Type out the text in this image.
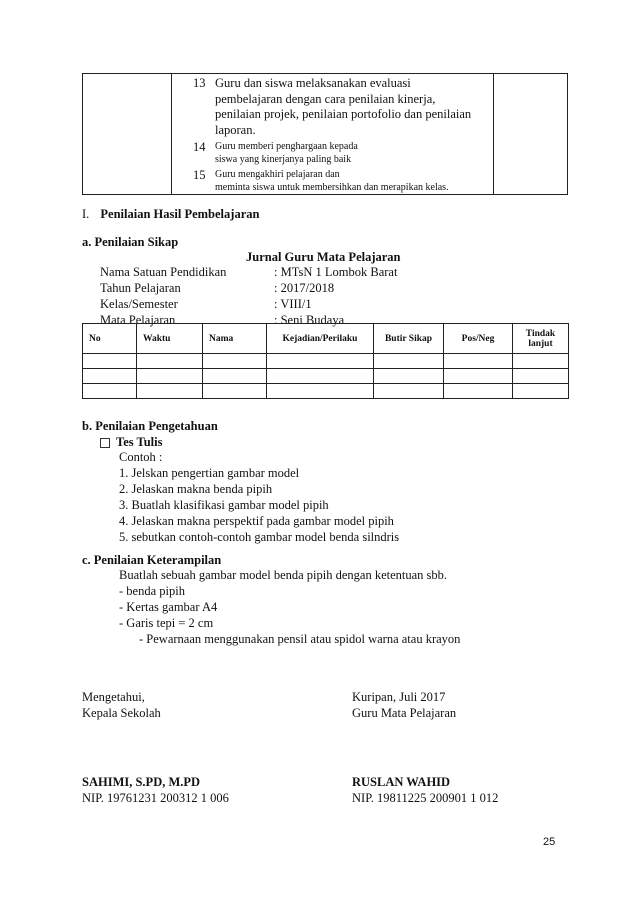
13 Guru dan siswa melaksanakan evaluasi
pembelajaran dengan cara penilaian kinerja,
penilaian projek, penilaian portofolio dan penilaian
laporan.
14 Guru memberi penghargaan kepada
siswa yang kinerjanya paling baik
15 Guru mengakhiri pelajaran dan
meminta siswa untuk membersihkan dan merapikan kelas.
I. Penilaian Hasil Pembelajaran
a. Penilaian Sikap
Jurnal Guru Mata Pelajaran
Nama Satuan Pendidikan	: MTsN 1 Lombok Barat
Tahun Pelajaran	: 2017/2018
Kelas/Semester	: VIII/1
Mata Pelajaran	: Seni Budaya
No	Waktu	Nama	Kejadian/Perilaku	Butir Sikap	Pos/Neg	Tindak lanjut

b. Penilaian Pengetahuan
Tes Tulis
Contoh :
1. Jelskan pengertian gambar model
2. Jelaskan makna benda pipih
3. Buatlah klasifikasi gambar model pipih
4. Jelaskan makna perspektif pada gambar model pipih
5. sebutkan contoh-contoh gambar model benda silndris
c. Penilaian Keterampilan
Buatlah sebuah gambar model benda pipih dengan ketentuan sbb.
- benda pipih
- Kertas gambar A4
- Garis tepi = 2 cm
- Pewarnaan menggunakan pensil atau spidol warna atau krayon
Mengetahui,
Kepala Sekolah
SAHIMI, S.PD, M.PD
NIP. 19761231 200312 1 006
Kuripan, Juli 2017
Guru Mata Pelajaran
RUSLAN WAHID
NIP. 19811225 200901 1 012
25
